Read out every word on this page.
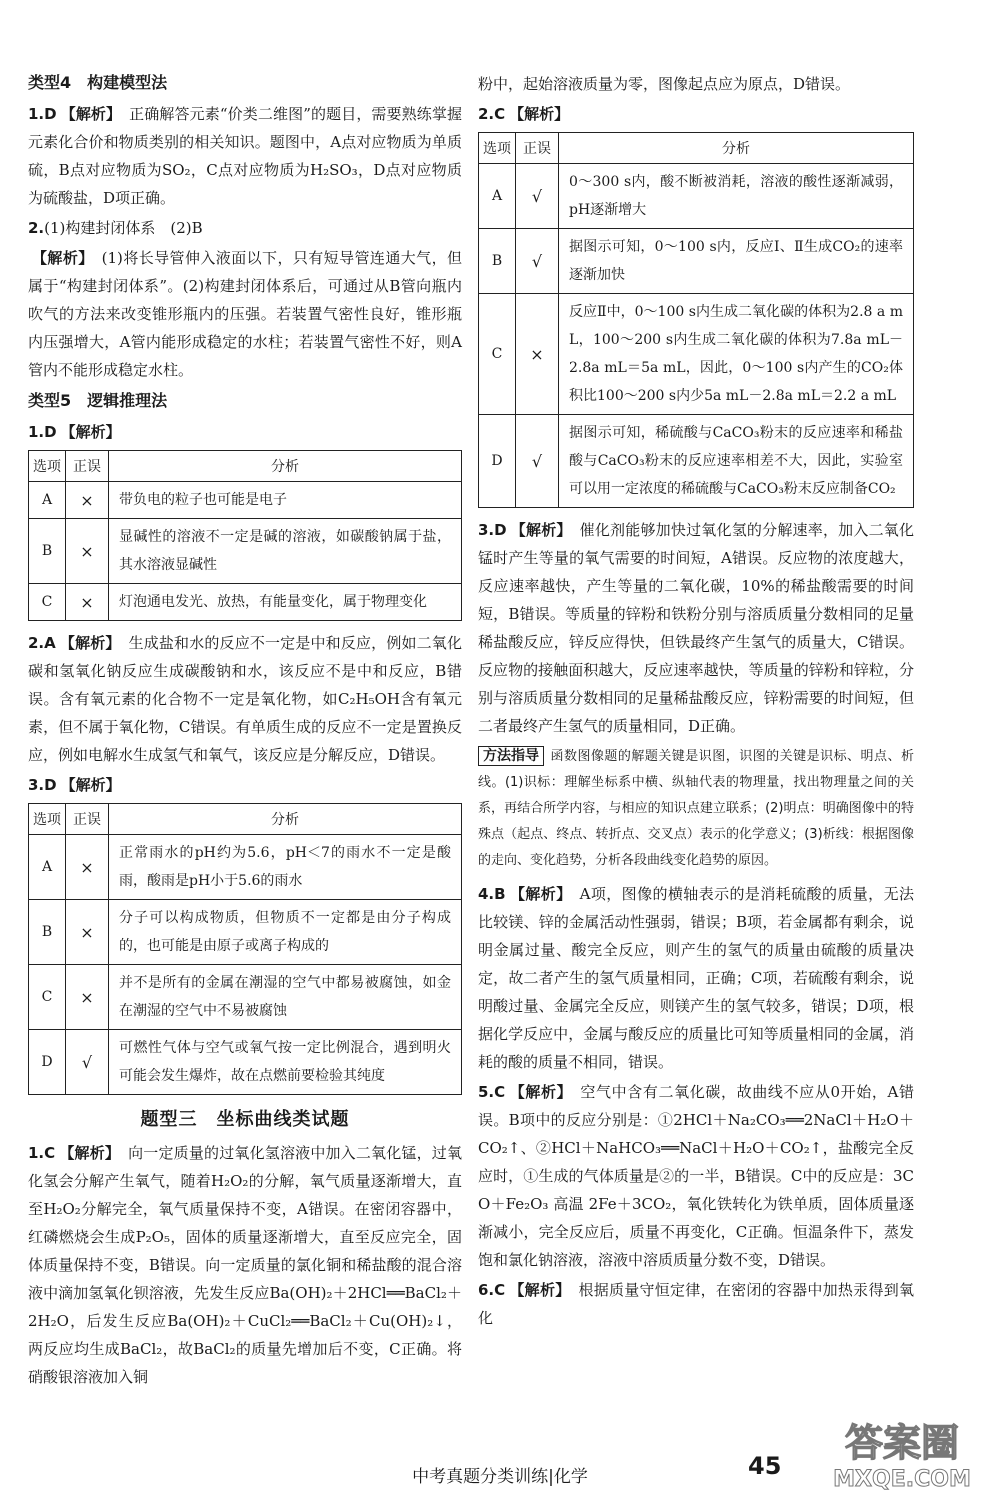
类型4　构建模型法

1.D 【解析】 正确解答元素“价类二维图”的题目，需要熟练掌握元素化合价和物质类别的相关知识。题图中，A点对应物质为单质硫，B点对应物质为SO₂，C点对应物质为H₂SO₃，D点对应物质为硫酸盐，D项正确。

2.(1)构建封闭体系　(2)B

【解析】 (1)将长导管伸入液面以下，只有短导管连通大气，但属于“构建封闭体系”。(2)构建封闭体系后，可通过从B管向瓶内吹气的方法来改变锥形瓶内的压强。若装置气密性良好，锥形瓶内压强增大，A管内能形成稳定的水柱；若装置气密性不好，则A管内不能形成稳定水柱。

类型5　逻辑推理法

1.D 【解析】

选项	正误	分析
A	×	带负电的粒子也可能是电子
B	×	显碱性的溶液不一定是碱的溶液，如碳酸钠属于盐，其水溶液显碱性
C	×	灯泡通电发光、放热，有能量变化，属于物理变化

2.A 【解析】 生成盐和水的反应不一定是中和反应，例如二氧化碳和氢氧化钠反应生成碳酸钠和水，该反应不是中和反应，B错误。含有氧元素的化合物不一定是氧化物，如C₂H₅OH含有氧元素，但不属于氧化物，C错误。有单质生成的反应不一定是置换反应，例如电解水生成氢气和氧气，该反应是分解反应，D错误。

3.D 【解析】

选项	正误	分析
A	×	正常雨水的pH约为5.6，pH＜7的雨水不一定是酸雨，酸雨是pH小于5.6的雨水
B	×	分子可以构成物质，但物质不一定都是由分子构成的，也可能是由原子或离子构成的
C	×	并不是所有的金属在潮湿的空气中都易被腐蚀，如金在潮湿的空气中不易被腐蚀
D	√	可燃性气体与空气或氧气按一定比例混合，遇到明火可能会发生爆炸，故在点燃前要检验其纯度
题型三　坐标曲线类试题

1.C 【解析】 向一定质量的过氧化氢溶液中加入二氧化锰，过氧化氢会分解产生氧气，随着H₂O₂的分解，氧气质量逐渐增大，直至H₂O₂分解完全，氧气质量保持不变，A错误。在密闭容器中，红磷燃烧会生成P₂O₅，固体的质量逐渐增大，直至反应完全，固体质量保持不变，B错误。向一定质量的氯化铜和稀盐酸的混合溶液中滴加氢氧化钡溶液，先发生反应Ba(OH)₂＋2HCl══BaCl₂＋2H₂O，后发生反应Ba(OH)₂＋CuCl₂══BaCl₂＋Cu(OH)₂↓，两反应均生成BaCl₂，故BaCl₂的质量先增加后不变，C正确。将硝酸银溶液加入铜

粉中，起始溶液质量为零，图像起点应为原点，D错误。

2.C 【解析】

选项	正误	分析
A	√	0～300 s内，酸不断被消耗，溶液的酸性逐渐减弱，pH逐渐增大
B	√	据图示可知，0～100 s内，反应Ⅰ、Ⅱ生成CO₂的速率逐渐加快
C	×	反应Ⅱ中，0～100 s内生成二氧化碳的体积为2.8 a mL，100～200 s内生成二氧化碳的体积为7.8a mL－2.8a mL＝5a mL，因此，0～100 s内产生的CO₂体积比100～200 s内少5a mL－2.8a mL＝2.2 a mL
D	√	据图示可知，稀硫酸与CaCO₃粉末的反应速率和稀盐酸与CaCO₃粉末的反应速率相差不大，因此，实验室可以用一定浓度的稀硫酸与CaCO₃粉末反应制备CO₂

3.D 【解析】 催化剂能够加快过氧化氢的分解速率，加入二氧化锰时产生等量的氧气需要的时间短，A错误。反应物的浓度越大，反应速率越快，产生等量的二氧化碳，10%的稀盐酸需要的时间短，B错误。等质量的锌粉和铁粉分别与溶质质量分数相同的足量稀盐酸反应，锌反应得快，但铁最终产生氢气的质量大，C错误。反应物的接触面积越大，反应速率越快，等质量的锌粉和锌粒，分别与溶质质量分数相同的足量稀盐酸反应，锌粉需要的时间短，但二者最终产生氢气的质量相同，D正确。

方法指导 函数图像题的解题关键是识图，识图的关键是识标、明点、析线。(1)识标：理解坐标系中横、纵轴代表的物理量，找出物理量之间的关系，再结合所学内容，与相应的知识点建立联系；(2)明点：明确图像中的特殊点（起点、终点、转折点、交叉点）表示的化学意义；(3)析线：根据图像的走向、变化趋势，分析各段曲线变化趋势的原因。

4.B 【解析】 A项，图像的横轴表示的是消耗硫酸的质量，无法比较镁、锌的金属活动性强弱，错误；B项，若金属都有剩余，说明金属过量、酸完全反应，则产生的氢气的质量由硫酸的质量决定，故二者产生的氢气质量相同，正确；C项，若硫酸有剩余，说明酸过量、金属完全反应，则镁产生的氢气较多，错误；D项，根据化学反应中，金属与酸反应的质量比可知等质量相同的金属，消耗的酸的质量不相同，错误。

5.C 【解析】 空气中含有二氧化碳，故曲线不应从0开始，A错误。B项中的反应分别是：①2HCl＋Na₂CO₃══2NaCl＋H₂O＋CO₂↑、②HCl＋NaHCO₃══NaCl＋H₂O＋CO₂↑，盐酸完全反应时，①生成的气体质量是②的一半，B错误。C中的反应是：3CO＋Fe₂O₃ 高温 2Fe＋3CO₂，氧化铁转化为铁单质，固体质量逐渐减小，完全反应后，质量不再变化，C正确。恒温条件下，蒸发饱和氯化钠溶液，溶液中溶质质量分数不变，D错误。

6.C 【解析】 根据质量守恒定律，在密闭的容器中加热汞得到氧化

中考真题分类训练|化学	45
答案圈
MXQE.COM
